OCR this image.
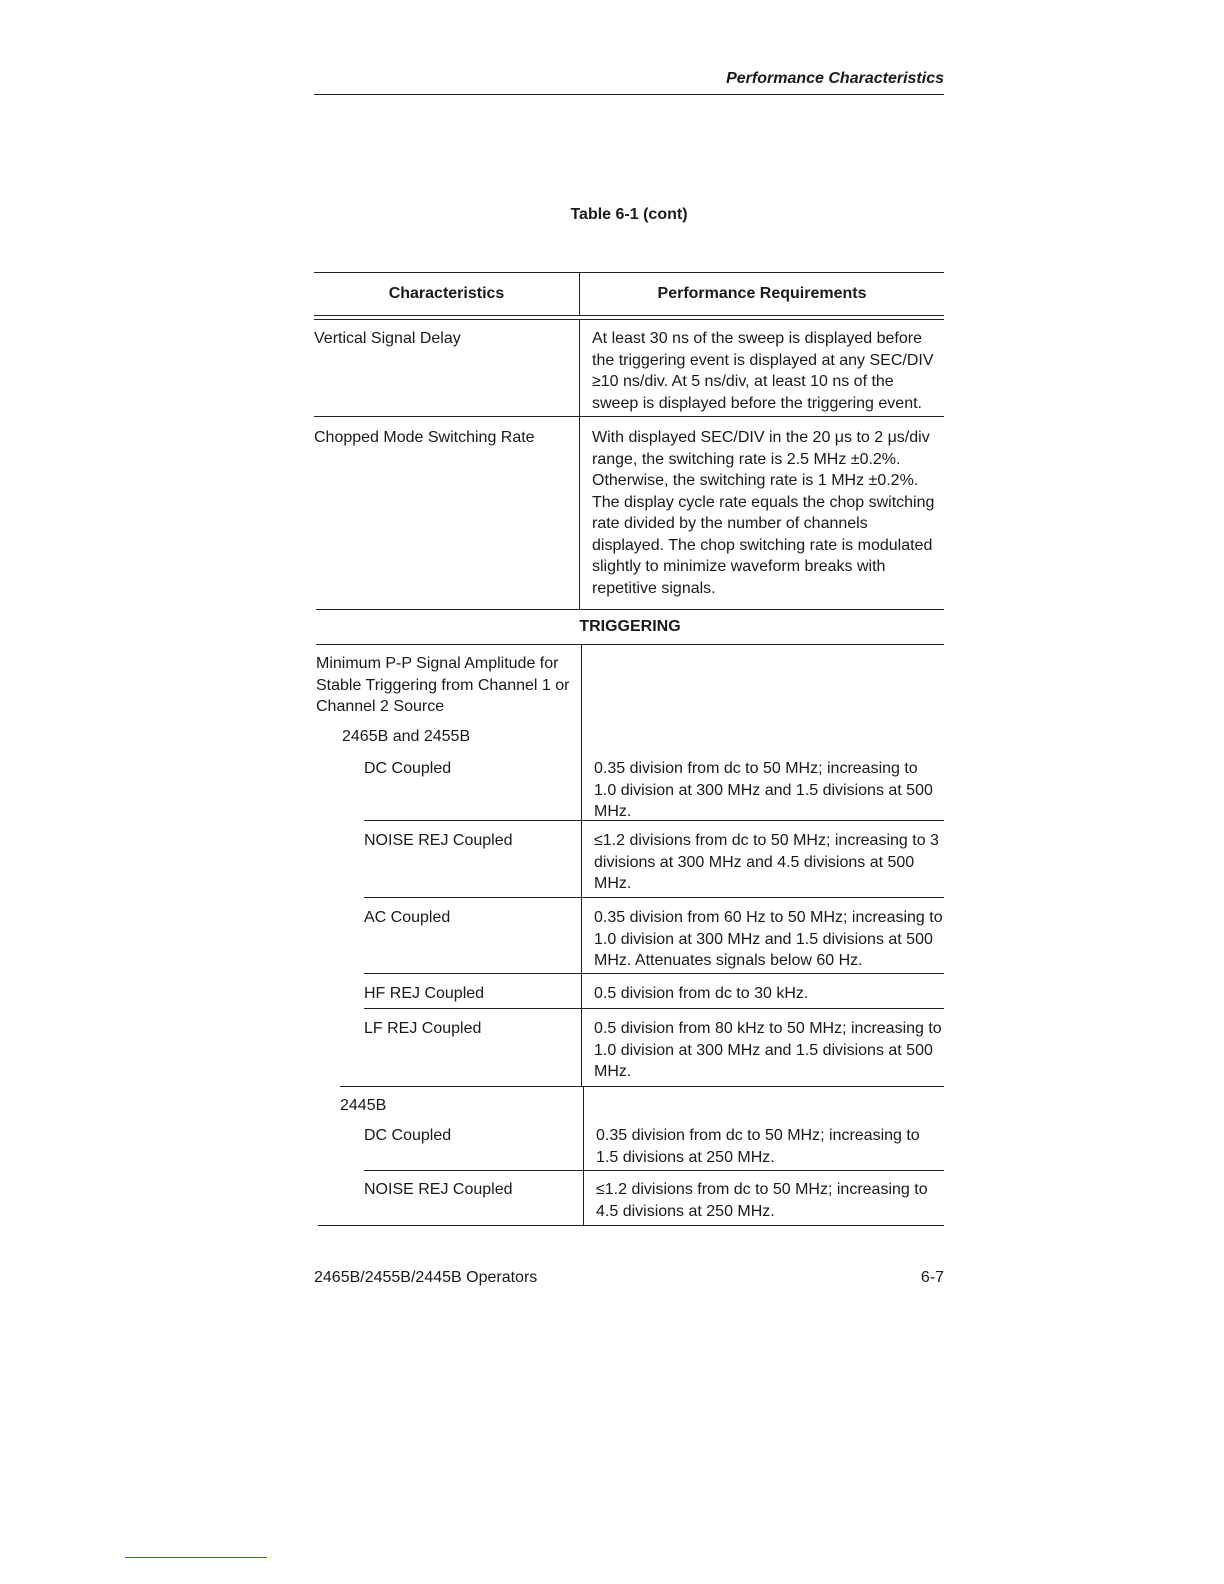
Performance Characteristics
Table 6-1 (cont)
Characteristics	Performance Requirements
Vertical Signal Delay	At least 30 ns of the sweep is displayed before the triggering event is displayed at any SEC/DIV ≥10 ns/div. At 5 ns/div, at least 10 ns of the sweep is displayed before the triggering event.
Chopped Mode Switching Rate	With displayed SEC/DIV in the 20 μs to 2 μs/div range, the switching rate is 2.5 MHz ±0.2%. Otherwise, the switching rate is 1 MHz ±0.2%. The display cycle rate equals the chop switching rate divided by the number of channels displayed. The chop switching rate is modulated slightly to minimize waveform breaks with repetitive signals.
TRIGGERING
Minimum P-P Signal Amplitude for Stable Triggering from Channel 1 or Channel 2 Source
2465B and 2455B
DC Coupled	0.35 division from dc to 50 MHz; increasing to 1.0 division at 300 MHz and 1.5 divisions at 500 MHz.
NOISE REJ Coupled	≤1.2 divisions from dc to 50 MHz; increasing to 3 divisions at 300 MHz and 4.5 divisions at 500 MHz.
AC Coupled	0.35 division from 60 Hz to 50 MHz; increasing to 1.0 division at 300 MHz and 1.5 divisions at 500 MHz. Attenuates signals below 60 Hz.
HF REJ Coupled	0.5 division from dc to 30 kHz.
LF REJ Coupled	0.5 division from 80 kHz to 50 MHz; increasing to 1.0 division at 300 MHz and 1.5 divisions at 500 MHz.
2445B
DC Coupled	0.35 division from dc to 50 MHz; increasing to 1.5 divisions at 250 MHz.
NOISE REJ Coupled	≤1.2 divisions from dc to 50 MHz; increasing to 4.5 divisions at 250 MHz.
2465B/2455B/2445B Operators	6-7
